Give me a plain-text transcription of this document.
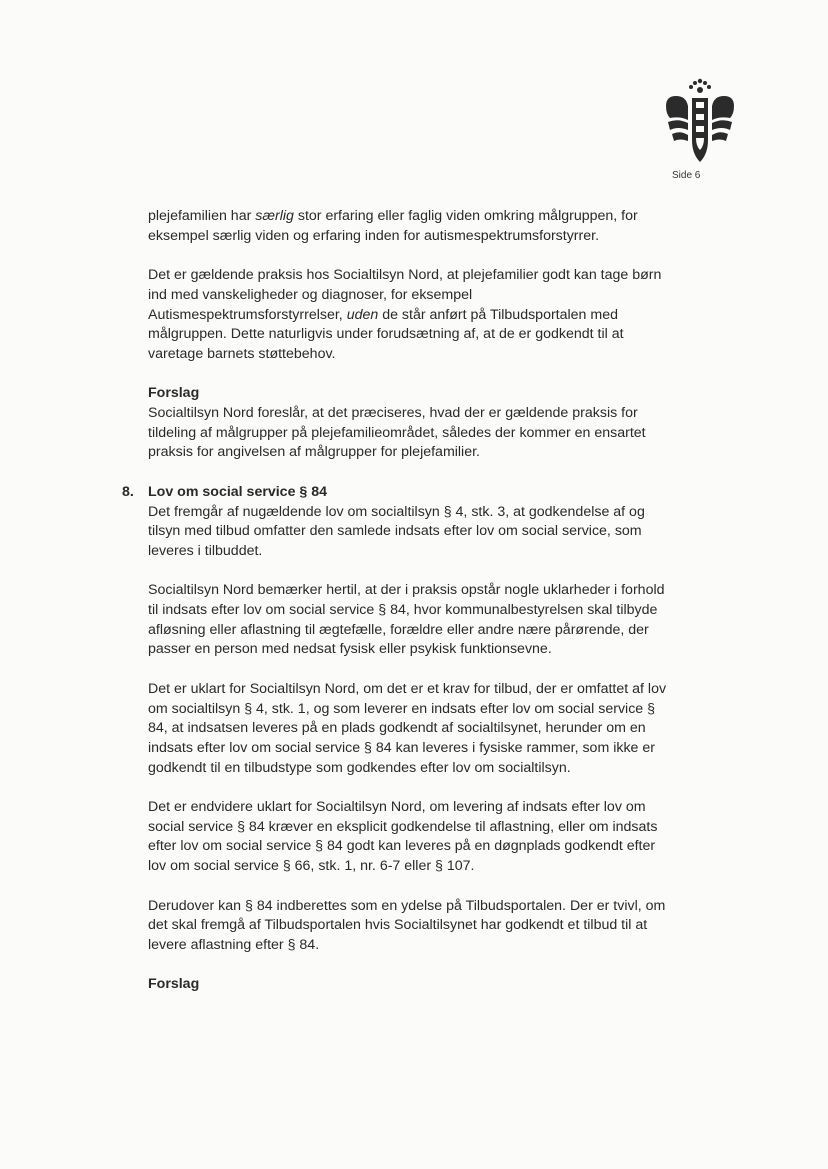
Side 6

plejefamilien har særlig stor erfaring eller faglig viden omkring målgruppen, for eksempel særlig viden og erfaring inden for autismespektrumsforstyrrer.

Det er gældende praksis hos Socialtilsyn Nord, at plejefamilier godt kan tage børn ind med vanskeligheder og diagnoser, for eksempel Autismespektrumsforstyrrelser, uden de står anført på Tilbudsportalen med målgruppen. Dette naturligvis under forudsætning af, at de er godkendt til at varetage barnets støttebehov.

Forslag

Socialtilsyn Nord foreslår, at det præciseres, hvad der er gældende praksis for tildeling af målgrupper på plejefamilieområdet, således der kommer en ensartet praksis for angivelsen af målgrupper for plejefamilier.

8. Lov om social service § 84

Det fremgår af nugældende lov om socialtilsyn § 4, stk. 3, at godkendelse af og tilsyn med tilbud omfatter den samlede indsats efter lov om social service, som leveres i tilbuddet.

Socialtilsyn Nord bemærker hertil, at der i praksis opstår nogle uklarheder i forhold til indsats efter lov om social service § 84, hvor kommunalbestyrelsen skal tilbyde afløsning eller aflastning til ægtefælle, forældre eller andre nære pårørende, der passer en person med nedsat fysisk eller psykisk funktionsevne.

Det er uklart for Socialtilsyn Nord, om det er et krav for tilbud, der er omfattet af lov om socialtilsyn § 4, stk. 1, og som leverer en indsats efter lov om social service § 84, at indsatsen leveres på en plads godkendt af socialtilsynet, herunder om en indsats efter lov om social service § 84 kan leveres i fysiske rammer, som ikke er godkendt til en tilbudstype som godkendes efter lov om socialtilsyn.

Det er endvidere uklart for Socialtilsyn Nord, om levering af indsats efter lov om social service § 84 kræver en eksplicit godkendelse til aflastning, eller om indsats efter lov om social service § 84 godt kan leveres på en døgnplads godkendt efter lov om social service § 66, stk. 1, nr. 6-7 eller § 107.

Derudover kan § 84 indberettes som en ydelse på Tilbudsportalen. Der er tvivl, om det skal fremgå af Tilbudsportalen hvis Socialtilsynet har godkendt et tilbud til at levere aflastning efter § 84.

Forslag
